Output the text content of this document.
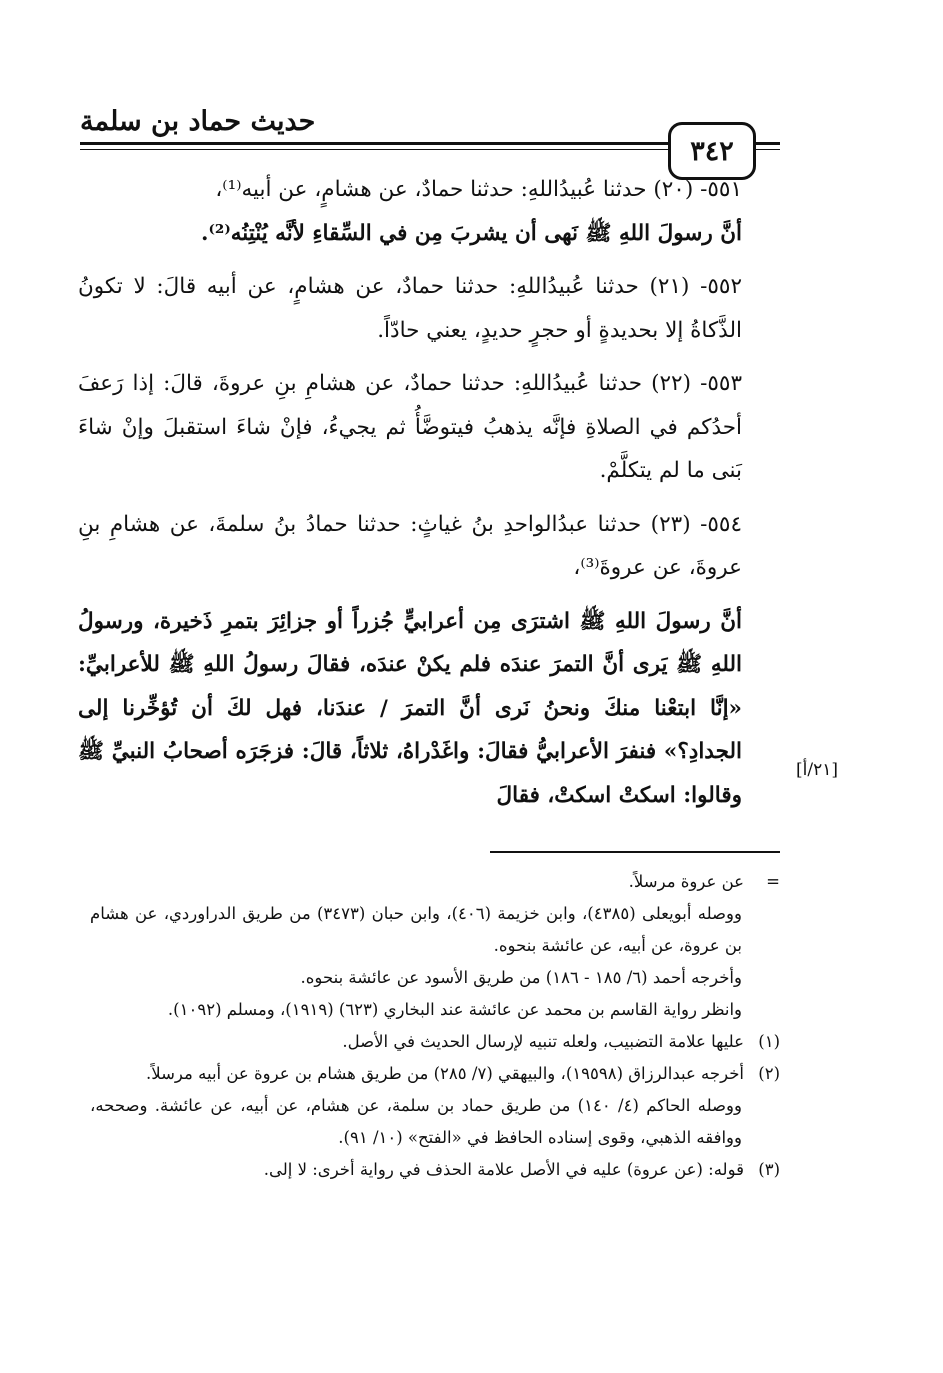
٣٤٢
حديث حماد بن سلمة

٥٥١- (٢٠) حدثنا عُبيدُاللهِ: حدثنا حمادٌ، عن هشامٍ، عن أبيه⁽¹⁾،

أنَّ رسولَ اللهِ ﷺ نَهى أن يشربَ مِن في السِّقاءِ لأنَّه يُنْتِنُه⁽²⁾.

٥٥٢- (٢١) حدثنا عُبيدُاللهِ: حدثنا حمادٌ، عن هشامٍ، عن أبيه قالَ: لا تكونُ الذَّكاةُ إلا بحديدةٍ أو حجرٍ حديدٍ، يعني حادّاً.

٥٥٣- (٢٢) حدثنا عُبيدُاللهِ: حدثنا حمادٌ، عن هشامِ بنِ عروةَ، قالَ: إذا رَعفَ أحدُكم في الصلاةِ فإنَّه يذهبُ فيتوضَّأُ ثم يجيءُ، فإنْ شاءَ استقبلَ وإنْ شاءَ بَنى ما لم يتكلَّمْ.

٥٥٤- (٢٣) حدثنا عبدُالواحدِ بنُ غياثٍ: حدثنا حمادُ بنُ سلمةَ، عن هشامِ بنِ عروةَ، عن عروةَ⁽³⁾،

أنَّ رسولَ اللهِ ﷺ اشترَى مِن أعرابيٍّ جُزراً أو جزائِرَ بتمرِ ذَخيرة، ورسولُ اللهِ ﷺ يَرى أنَّ التمرَ عندَه فلم يكنْ عندَه، فقالَ رسولُ اللهِ ﷺ للأعرابيِّ: «إنَّا ابتعْنا منكَ ونحنُ نَرى أنَّ التمرَ / عندَنا، فهل لكَ أن تُؤخِّرنا إلى الجدادِ؟» فنفرَ الأعرابيُّ فقالَ: واغَدْراهُ، ثلاثاً، قالَ: فزجَرَه أصحابُ النبيِّ ﷺ وقالوا: اسكتْ اسكتْ، فقالَ

[٢١/أ]

=عن عروة مرسلاً.

ووصله أبويعلى (٤٣٨٥)، وابن خزيمة (٤٠٦)، وابن حبان (٣٤٧٣) من طريق الدراوردي، عن هشام بن عروة، عن أبيه، عن عائشة بنحوه.

وأخرجه أحمد (٦/ ١٨٥ - ١٨٦) من طريق الأسود عن عائشة بنحوه.

وانظر رواية القاسم بن محمد عن عائشة عند البخاري (٦٢٣) (١٩١٩)، ومسلم (١٠٩٢).

(١)عليها علامة التضبيب، ولعله تنبيه لإرسال الحديث في الأصل.

(٢)أخرجه عبدالرزاق (١٩٥٩٨)، والبيهقي (٧/ ٢٨٥) من طريق هشام بن عروة عن أبيه مرسلاً.

ووصله الحاكم (٤/ ١٤٠) من طريق حماد بن سلمة، عن هشام، عن أبيه، عن عائشة. وصححه، ووافقه الذهبي، وقوى إسناده الحافظ في «الفتح» (١٠/ ٩١).

(٣)قوله: (عن عروة) عليه في الأصل علامة الحذف في رواية أخرى: لا إلى.
